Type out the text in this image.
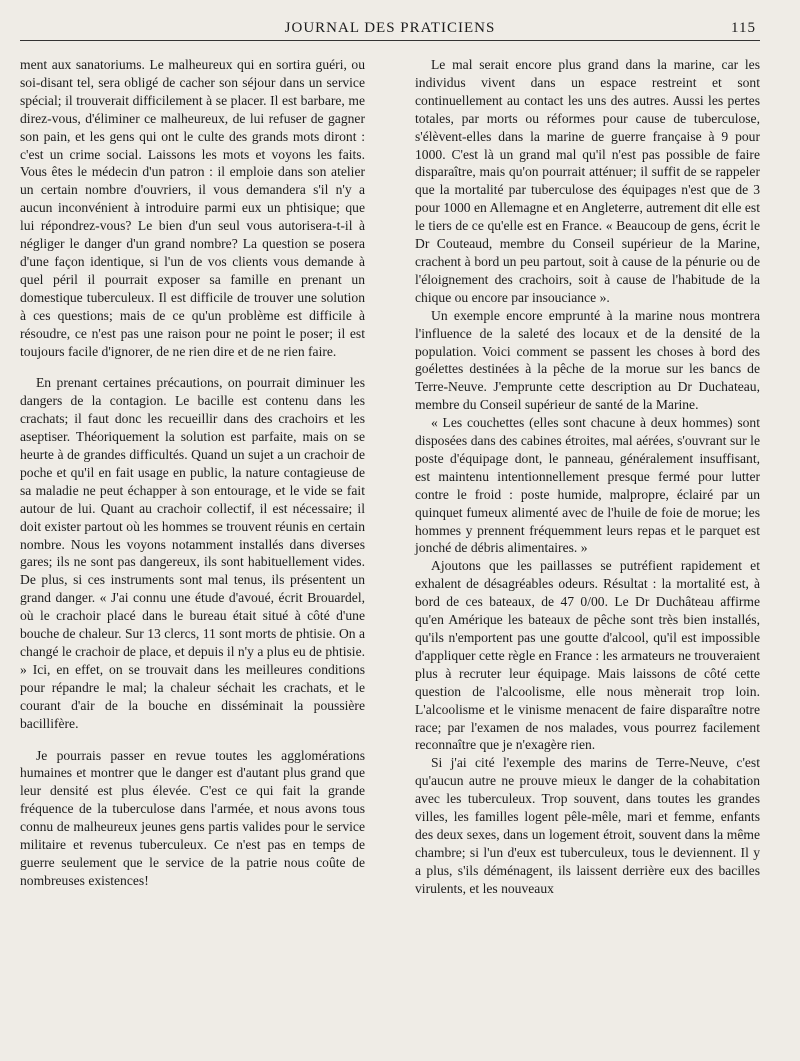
JOURNAL DES PRATICIENS	115

ment aux sanatoriums. Le malheureux qui en sortira guéri, ou soi-disant tel, sera obligé de cacher son séjour dans un service spécial; il trouverait difficilement à se placer. Il est barbare, me direz-vous, d'éliminer ce malheureux, de lui refuser de gagner son pain, et les gens qui ont le culte des grands mots diront : c'est un crime social. Laissons les mots et voyons les faits. Vous êtes le médecin d'un patron : il emploie dans son atelier un certain nombre d'ouvriers, il vous demandera s'il n'y a aucun inconvénient à introduire parmi eux un phtisique; que lui répondrez-vous? Le bien d'un seul vous autorisera-t-il à négliger le danger d'un grand nombre? La question se posera d'une façon identique, si l'un de vos clients vous demande à quel péril il pourrait exposer sa famille en prenant un domestique tuberculeux. Il est difficile de trouver une solution à ces questions; mais de ce qu'un problème est difficile à résoudre, ce n'est pas une raison pour ne point le poser; il est toujours facile d'ignorer, de ne rien dire et de ne rien faire.

En prenant certaines précautions, on pourrait diminuer les dangers de la contagion. Le bacille est contenu dans les crachats; il faut donc les recueillir dans des crachoirs et les aseptiser. Théoriquement la solution est parfaite, mais on se heurte à de grandes difficultés. Quand un sujet a un crachoir de poche et qu'il en fait usage en public, la nature contagieuse de sa maladie ne peut échapper à son entourage, et le vide se fait autour de lui. Quant au crachoir collectif, il est nécessaire; il doit exister partout où les hommes se trouvent réunis en certain nombre. Nous les voyons notamment installés dans diverses gares; ils ne sont pas dangereux, ils sont habituellement vides. De plus, si ces instruments sont mal tenus, ils présentent un grand danger. « J'ai connu une étude d'avoué, écrit Brouardel, où le crachoir placé dans le bureau était situé à côté d'une bouche de chaleur. Sur 13 clercs, 11 sont morts de phtisie. On a changé le crachoir de place, et depuis il n'y a plus eu de phtisie. » Ici, en effet, on se trouvait dans les meilleures conditions pour répandre le mal; la chaleur séchait les crachats, et le courant d'air de la bouche en disséminait la poussière bacillifère.

Je pourrais passer en revue toutes les agglomérations humaines et montrer que le danger est d'autant plus grand que leur densité est plus élevée. C'est ce qui fait la grande fréquence de la tuberculose dans l'armée, et nous avons tous connu de malheureux jeunes gens partis valides pour le service militaire et revenus tuberculeux. Ce n'est pas en temps de guerre seulement que le service de la patrie nous coûte de nombreuses existences!

Le mal serait encore plus grand dans la marine, car les individus vivent dans un espace restreint et sont continuellement au contact les uns des autres. Aussi les pertes totales, par morts ou réformes pour cause de tuberculose, s'élèvent-elles dans la marine de guerre française à 9 pour 1000. C'est là un grand mal qu'il n'est pas possible de faire disparaître, mais qu'on pourrait atténuer; il suffit de se rappeler que la mortalité par tuberculose des équipages n'est que de 3 pour 1000 en Allemagne et en Angleterre, autrement dit elle est le tiers de ce qu'elle est en France. « Beaucoup de gens, écrit le Dr Couteaud, membre du Conseil supérieur de la Marine, crachent à bord un peu partout, soit à cause de la pénurie ou de l'éloignement des crachoirs, soit à cause de l'habitude de la chique ou encore par insouciance ».

Un exemple encore emprunté à la marine nous montrera l'influence de la saleté des locaux et de la densité de la population. Voici comment se passent les choses à bord des goélettes destinées à la pêche de la morue sur les bancs de Terre-Neuve. J'emprunte cette description au Dr Duchateau, membre du Conseil supérieur de santé de la Marine.

« Les couchettes (elles sont chacune à deux hommes) sont disposées dans des cabines étroites, mal aérées, s'ouvrant sur le poste d'équipage dont, le panneau, généralement insuffisant, est maintenu intentionnellement presque fermé pour lutter contre le froid : poste humide, malpropre, éclairé par un quinquet fumeux alimenté avec de l'huile de foie de morue; les hommes y prennent fréquemment leurs repas et le parquet est jonché de débris alimentaires. »

Ajoutons que les paillasses se putréfient rapidement et exhalent de désagréables odeurs. Résultat : la mortalité est, à bord de ces bateaux, de 47 0/00. Le Dr Duchâteau affirme qu'en Amérique les bateaux de pêche sont très bien installés, qu'ils n'emportent pas une goutte d'alcool, qu'il est impossible d'appliquer cette règle en France : les armateurs ne trouveraient plus à recruter leur équipage. Mais laissons de côté cette question de l'alcoolisme, elle nous mènerait trop loin. L'alcoolisme et le vinisme menacent de faire disparaître notre race; par l'examen de nos malades, vous pourrez facilement reconnaître que je n'exagère rien.

Si j'ai cité l'exemple des marins de Terre-Neuve, c'est qu'aucun autre ne prouve mieux le danger de la cohabitation avec les tuberculeux. Trop souvent, dans toutes les grandes villes, les familles logent pêle-mêle, mari et femme, enfants des deux sexes, dans un logement étroit, souvent dans la même chambre; si l'un d'eux est tuberculeux, tous le deviennent. Il y a plus, s'ils déménagent, ils laissent derrière eux des bacilles virulents, et les nouveaux
